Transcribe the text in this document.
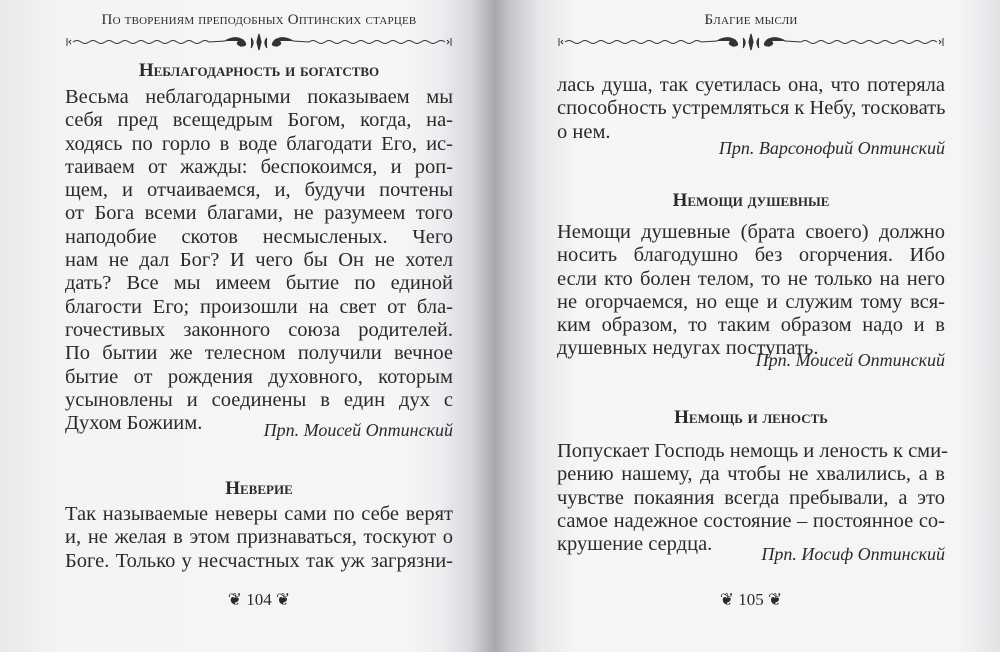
По творениям преподобных Оптинских старцев
Неблагодарность и богатство
Весьма неблагодарными показываем мы
себя пред всещедрым Богом, когда, на-
ходясь по горло в воде благодати Его, ис-
таиваем от жажды: беспокоимся, и роп-
щем, и отчаиваемся, и, будучи почтены
от Бога всеми благами, не разумеем того
наподобие скотов несмысленых. Чего
нам не дал Бог? И чего бы Он не хотел
дать? Все мы имеем бытие по единой
благости Его; произошли на свет от бла-
гочестивых законного союза родителей.
По бытии же телесном получили вечное
бытие от рождения духовного, которым
усыновлены и соединены в един дух с
Духом Божиим.	Прп. Моисей Оптинский
Неверие
Так называемые неверы сами по себе верят
и, не желая в этом признаваться, тоскуют о
Боге. Только у несчастных так уж загрязни-
❦ 104 ❦
Благие мысли
лась душа, так суетилась она, что потеряла
способность устремляться к Небу, тосковать
о нем.
Прп. Варсонофий Оптинский
Немощи душевные
Немощи душевные (брата своего) должно
носить благодушно без огорчения. Ибо
если кто болен телом, то не только на него
не огорчаемся, но еще и служим тому вся-
ким образом, то таким образом надо и в
душевных недугах поступать.
Прп. Моисей Оптинский
Немощь и леность
Попускает Господь немощь и леность к сми-
рению нашему, да чтобы не хвалились, а в
чувстве покаяния всегда пребывали, а это
самое надежное состояние – постоянное со-
крушение сердца.	Прп. Иосиф Оптинский
❦ 105 ❦
